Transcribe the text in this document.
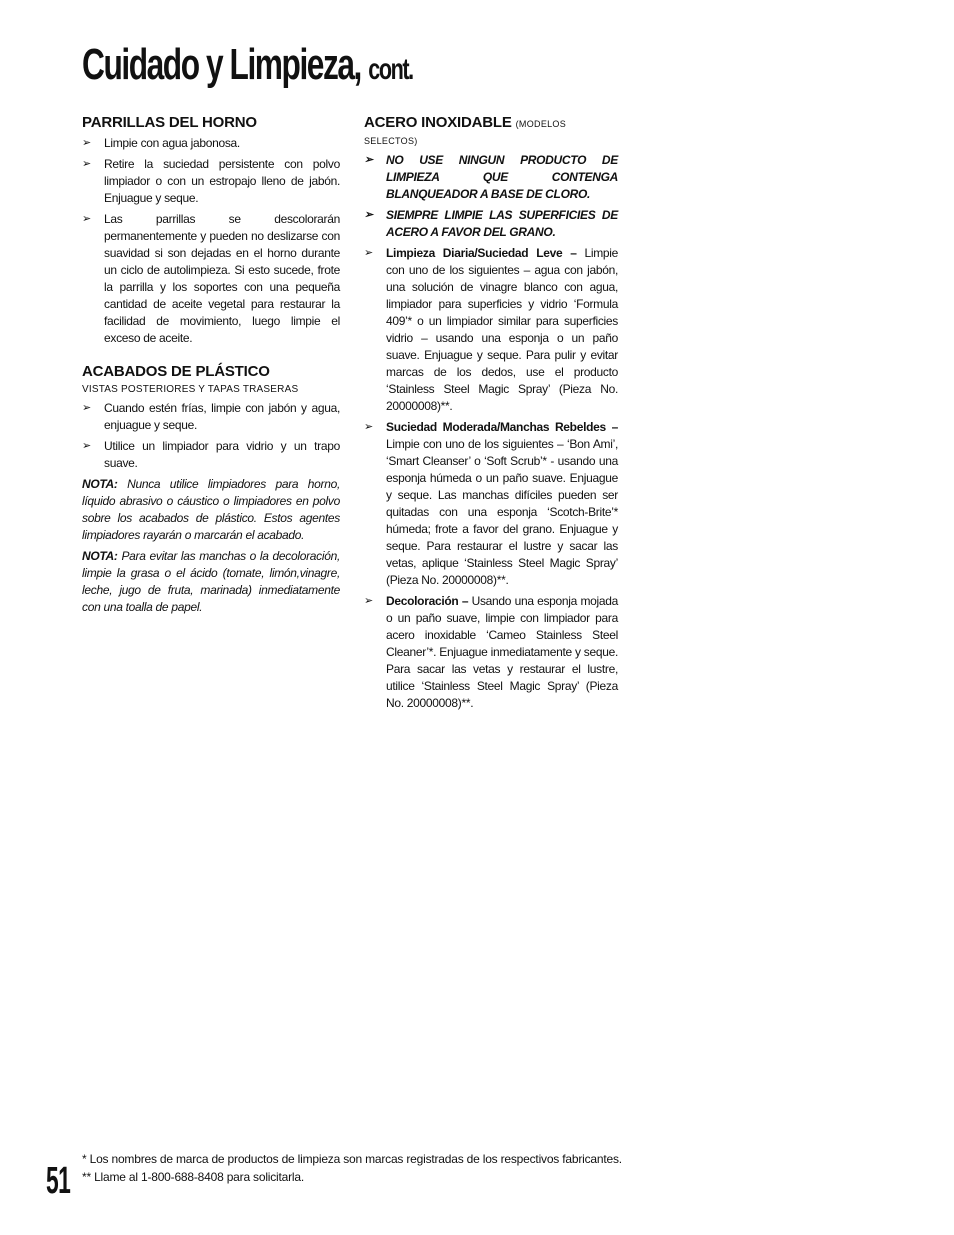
Cuidado y Limpieza, cont.
PARRILLAS DEL HORNO
➢ Limpie con agua jabonosa.
➢ Retire la suciedad persistente con polvo limpiador o con un estropajo lleno de jabón. Enjuague y seque.
➢ Las parrillas se descolorarán permanentemente y pueden no deslizarse con suavidad si son dejadas en el horno durante un ciclo de autolimpieza. Si esto sucede, frote la parrilla y los soportes con una pequeña cantidad de aceite vegetal para restaurar la facilidad de movimiento, luego limpie el exceso de aceite.
ACABADOS DE PLÁSTICO

VISTAS POSTERIORES Y TAPAS TRASERAS

➢ Cuando estén frías, limpie con jabón y agua, enjuague y seque.
➢ Utilice un limpiador para vidrio y un trapo suave.

NOTA: Nunca utilice limpiadores para horno, líquido abrasivo o cáustico o limpiadores en polvo sobre los acabados de plástico. Estos agentes limpiadores rayarán o marcarán el acabado.

NOTA: Para evitar las manchas o la decoloración, limpie la grasa o el ácido (tomate, limón,vinagre, leche, jugo de fruta, marinada) inmediatamente con una toalla de papel.

ACERO INOXIDABLE (MODELOS SELECTOS)
➢ NO USE NINGUN PRODUCTO DE LIMPIEZA QUE CONTENGA BLANQUEADOR A BASE DE CLORO.
➢ SIEMPRE LIMPIE LAS SUPERFICIES DE ACERO A FAVOR DEL GRANO.
➢ Limpieza Diaria/Suciedad Leve – Limpie con uno de los siguientes – agua con jabón, una solución de vinagre blanco con agua, limpiador para superficies y vidrio ‘Formula 409’* o un limpiador similar para superficies vidrio – usando una esponja o un paño suave. Enjuague y seque. Para pulir y evitar marcas de los dedos, use el producto ‘Stainless Steel Magic Spray’ (Pieza No. 20000008)**.
➢ Suciedad Moderada/Manchas Rebeldes – Limpie con uno de los siguientes – ‘Bon Ami’, ‘Smart Cleanser’ o ‘Soft Scrub’* - usando una esponja húmeda o un paño suave. Enjuague y seque. Las manchas difíciles pueden ser quitadas con una esponja ‘Scotch-Brite’* húmeda; frote a favor del grano. Enjuague y seque. Para restaurar el lustre y sacar las vetas, aplique ‘Stainless Steel Magic Spray’ (Pieza No. 20000008)**.
➢ Decoloración – Usando una esponja mojada o un paño suave, limpie con limpiador para acero inoxidable ‘Cameo Stainless Steel Cleaner’*. Enjuague inmediatamente y seque. Para sacar las vetas y restaurar el lustre, utilice ‘Stainless Steel Magic Spray’ (Pieza No. 20000008)**.
* Los nombres de marca de productos de limpieza son marcas registradas de los respectivos fabricantes.
** Llame al 1-800-688-8408 para solicitarla.
51
